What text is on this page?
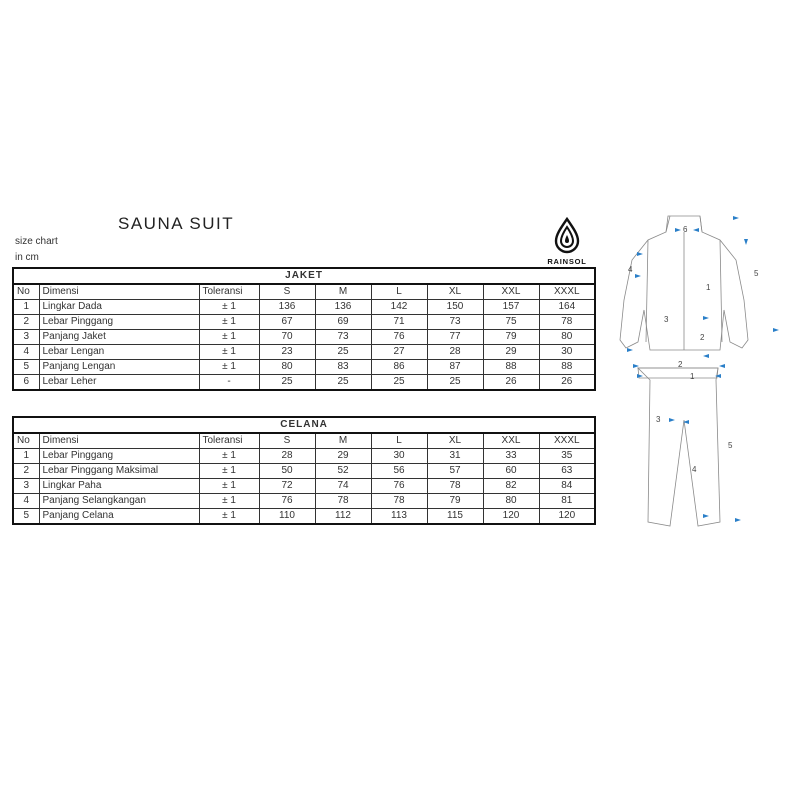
SAUNA SUIT
size chart
in cm	RAINSOL
JAKET								
No	Dimensi	Toleransi	S	M	L	XL	XXL	XXXL
1	Lingkar Dada	± 1	136	136	142	150	157	164
2	Lebar Pinggang	± 1	67	69	71	73	75	78
3	Panjang Jaket	± 1	70	73	76	77	79	80
4	Lebar Lengan	± 1	23	25	27	28	29	30
5	Panjang Lengan	± 1	80	83	86	87	88	88
6	Lebar Leher	-	25	25	25	25	26	26
CELANA								
No	Dimensi	Toleransi	S	M	L	XL	XXL	XXXL
1	Lebar Pinggang	± 1	28	29	30	31	33	35
2	Lebar Pinggang Maksimal	± 1	50	52	56	57	60	63
3	Lingkar Paha	± 1	72	74	76	78	82	84
4	Panjang Selangkangan	± 1	76	78	78	79	80	81
5	Panjang Celana	± 1	110	112	113	115	120	120
6
4	5
1
3
2
2
1
3
5
4
